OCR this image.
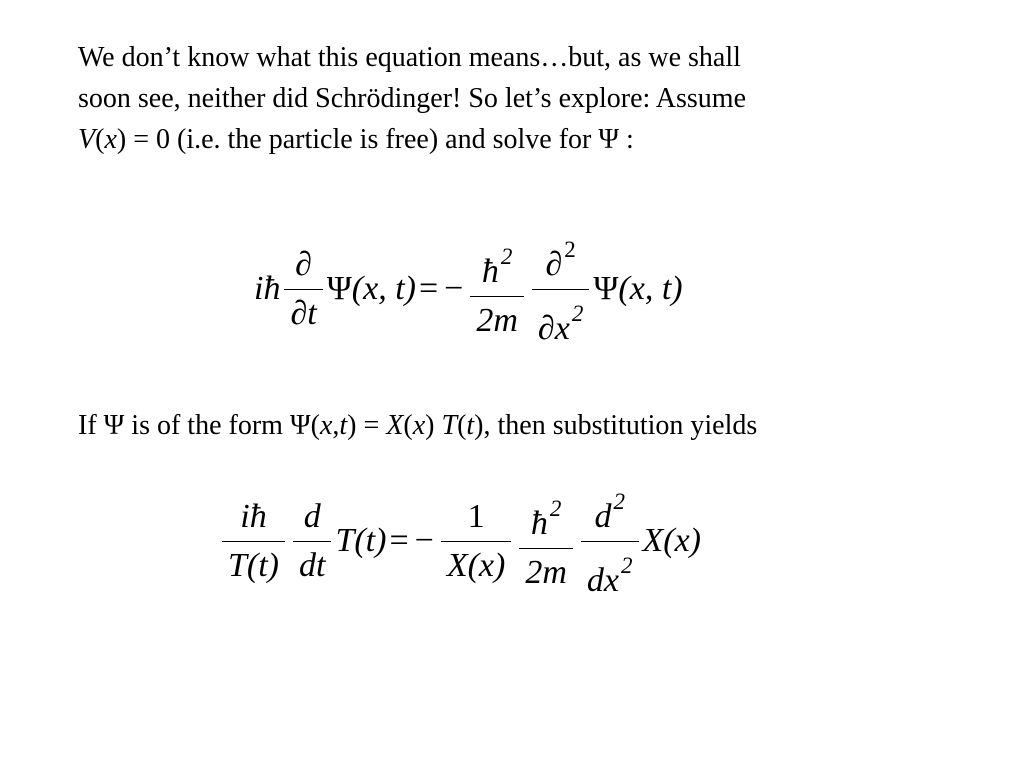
We don’t know what this equation means…but, as we shall
soon see, neither did Schrödinger! So let’s explore: Assume
V(x) = 0 (i.e. the particle is free) and solve for Ψ :
iħ $\frac{\partial}{\partial t}$ Ψ (x, t) = − $\frac{ħ^2}{2m} \frac{\partial^2}{\partial x^2}$ Ψ (x, t)
If Ψ is of the form Ψ(x,t) = X(x) T(t), then substitution yields
$\frac{iħ}{T(t)} \frac{d}{dt} T(t)$ = − $\frac{1}{X(x)} \frac{ħ^2}{2m} \frac{d^2}{dx^2} X(x)$
